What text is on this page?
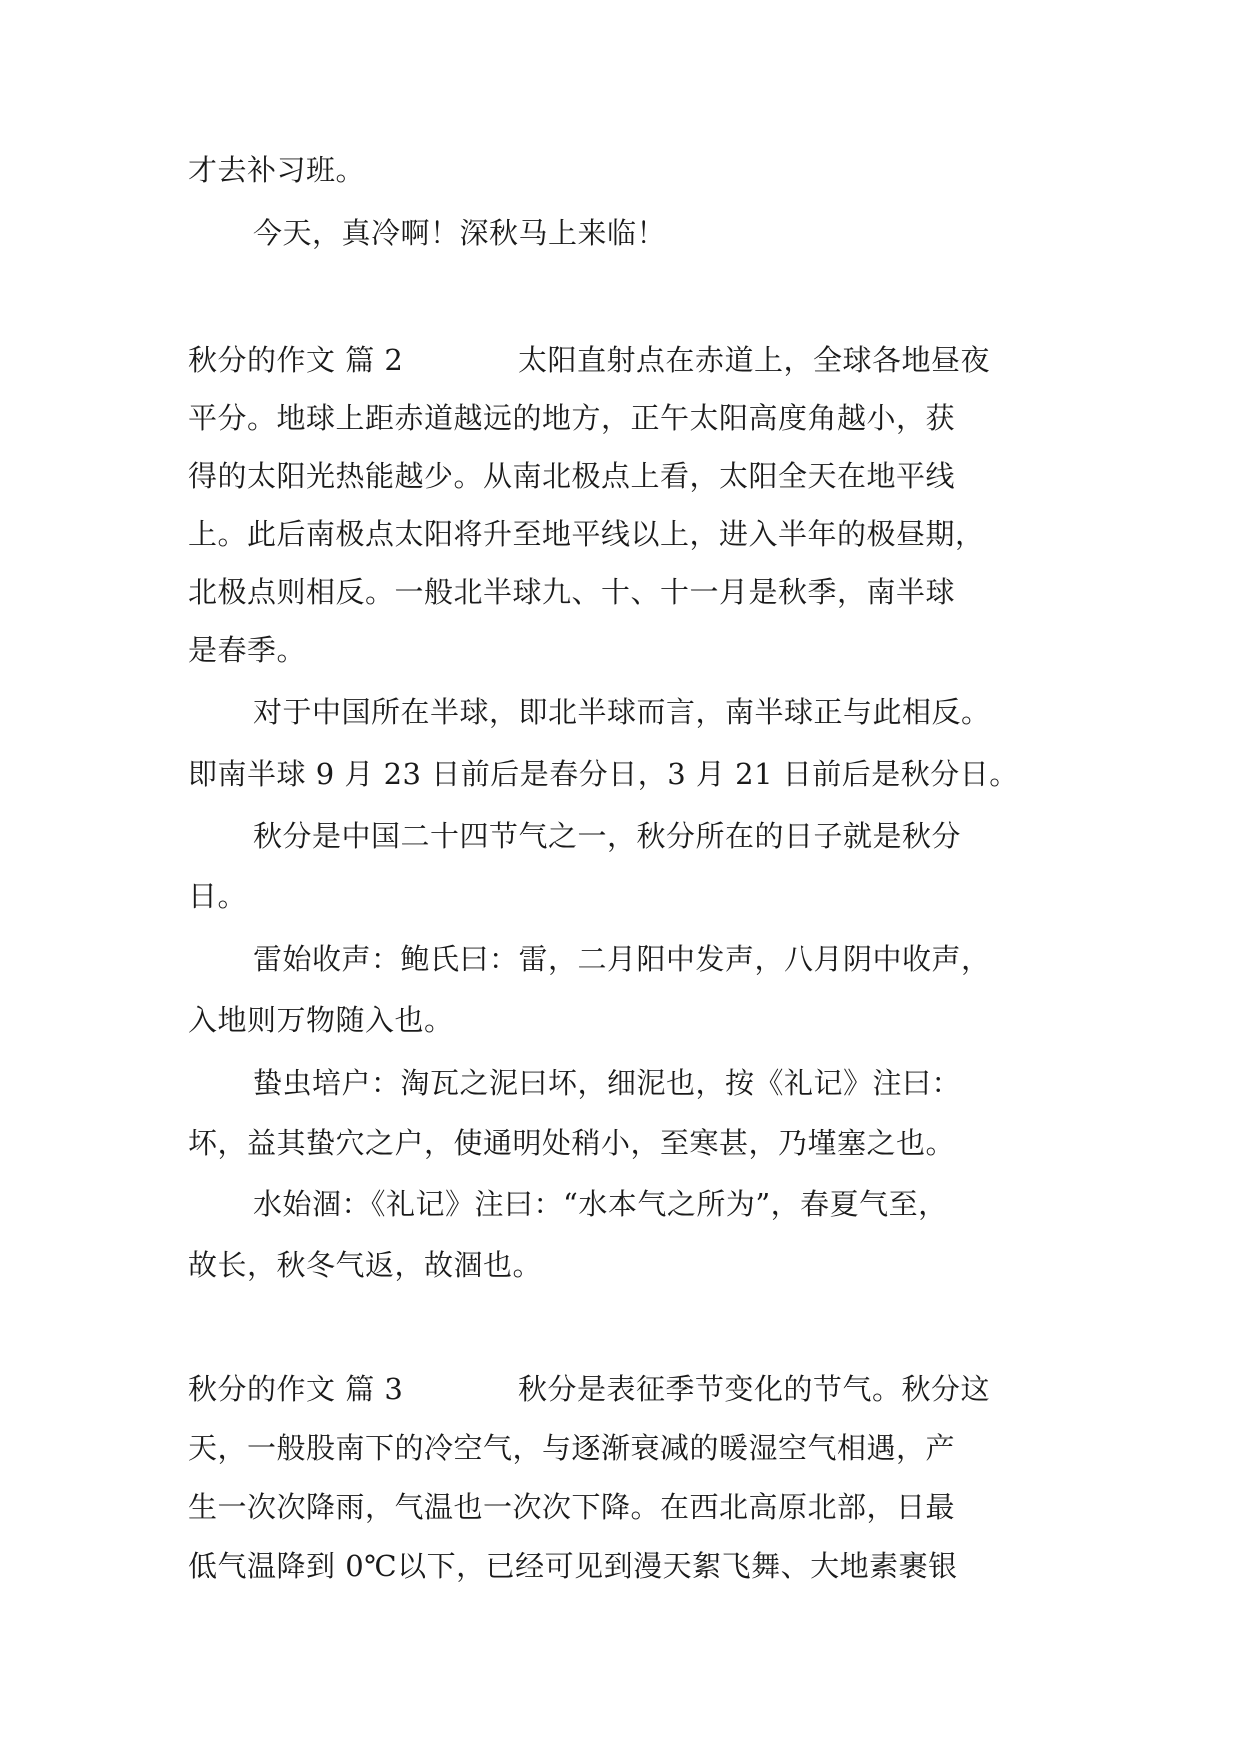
才去补习班。
今天，真冷啊！深秋马上来临！
秋分的作文 篇 2	太阳直射点在赤道上，全球各地昼夜
平分。地球上距赤道越远的地方，正午太阳高度角越小，获
得的太阳光热能越少。从南北极点上看，太阳全天在地平线
上。此后南极点太阳将升至地平线以上，进入半年的极昼期，
北极点则相反。一般北半球九、十、十一月是秋季，南半球
是春季。
对于中国所在半球，即北半球而言，南半球正与此相反。
即南半球 9 月 23 日前后是春分日，3 月 21 日前后是秋分日。
秋分是中国二十四节气之一，秋分所在的日子就是秋分
日。
雷始收声：鲍氏曰：雷，二月阳中发声，八月阴中收声，
入地则万物随入也。
蛰虫培户：淘瓦之泥曰坏，细泥也，按《礼记》注曰：
坏，益其蛰穴之户，使通明处稍小，至寒甚，乃墐塞之也。
水始涸：《礼记》注曰：“水本气之所为”，春夏气至，
故长，秋冬气返，故涸也。
秋分的作文 篇 3	秋分是表征季节变化的节气。秋分这
天，一般股南下的冷空气，与逐渐衰减的暖湿空气相遇，产
生一次次降雨，气温也一次次下降。在西北高原北部，日最
低气温降到 0℃以下，已经可见到漫天絮飞舞、大地素裹银
